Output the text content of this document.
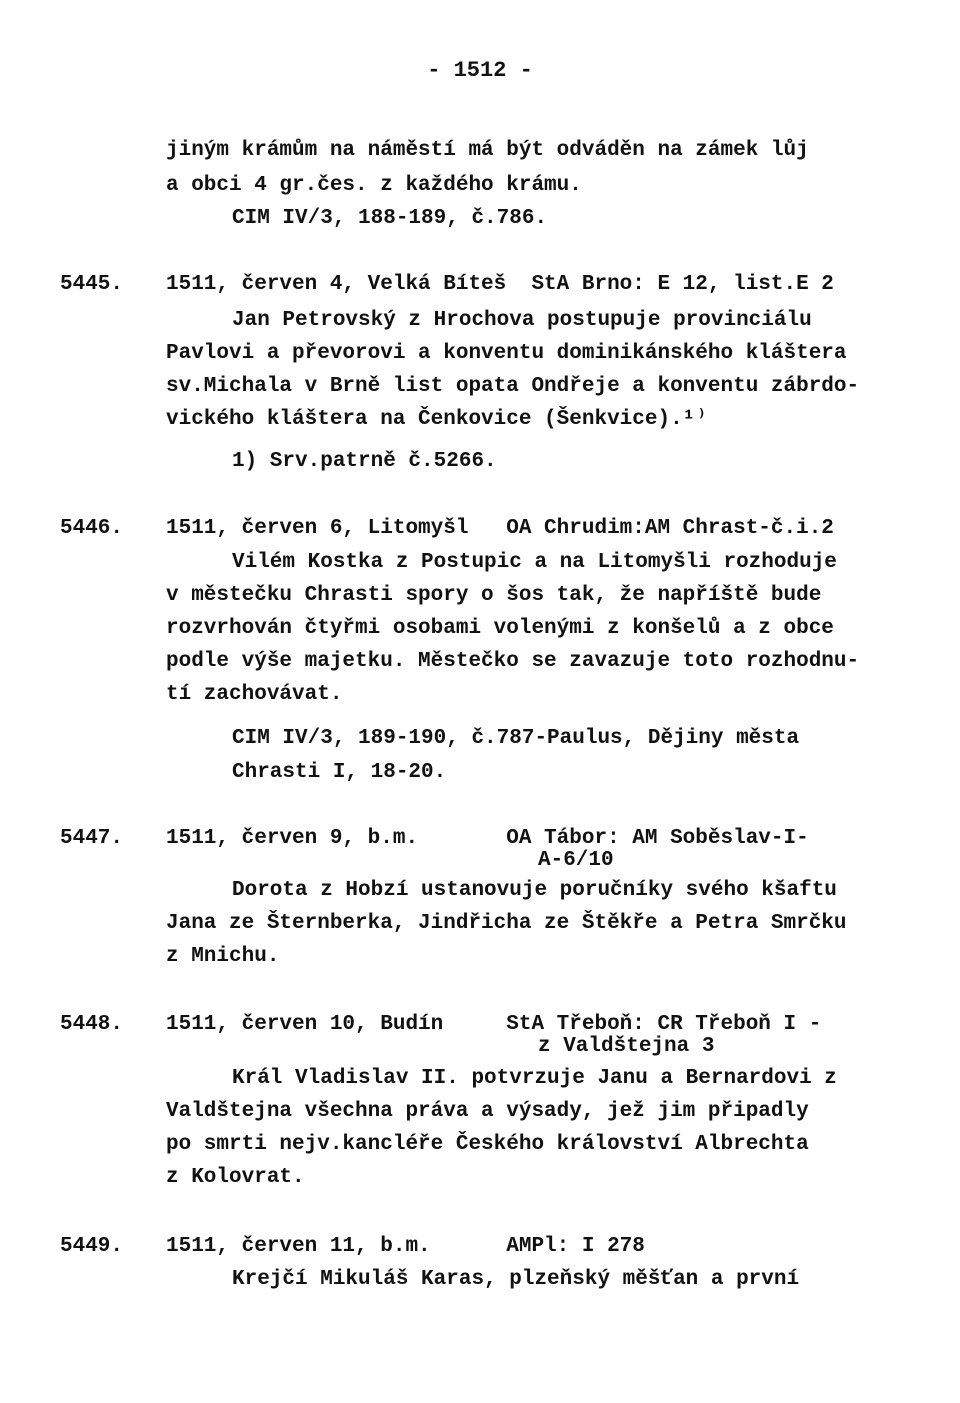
- 1512 -
jiným krámům na náměstí má být odváděn na zámek lůj
a obci 4 gr.čes. z každého krámu.
CIM IV/3, 188-189, č.786.
5445. 1511, červen 4, Velká Bíteš  StA Brno: E 12, list.E 2
Jan Petrovský z Hrochova postupuje provinciálu
Pavlovi a převorovi a konventu dominikánského kláštera
sv.Michala v Brně list opata Ondřeje a konventu zábrdo-
vického kláštera na Čenkovice (Šenkvice).¹⁾
1) Srv.patrně č.5266.
5446. 1511, červen 6, Litomyšl   OA Chrudim:AM Chrast-č.i.2
Vilém Kostka z Postupic a na Litomyšli rozhoduje
v městečku Chrasti spory o šos tak, že napříště bude
rozvrhován čtyřmi osobami volenými z konšelů a z obce
podle výše majetku. Městečko se zavazuje toto rozhodnu-
tí zachovávat.
CIM IV/3, 189-190, č.787-Paulus, Dějiny města
Chrasti I, 18-20.
5447. 1511, červen 9, b.m.       OA Tábor: AM Soběslav-I-
A-6/10
Dorota z Hobzí ustanovuje poručníky svého kšaftu
Jana ze Šternberka, Jindřicha ze Štěkře a Petra Smrčku
z Mnichu.
5448. 1511, červen 10, Budín     StA Třeboň: CR Třeboň I -
z Valdštejna 3
Král Vladislav II. potvrzuje Janu a Bernardovi z
Valdštejna všechna práva a výsady, jež jim připadly
po smrti nejv.kancléře Českého království Albrechta
z Kolovrat.
5449. 1511, červen 11, b.m.      AMPl: I 278
Krejčí Mikuláš Karas, plzeňský měšťan a první
